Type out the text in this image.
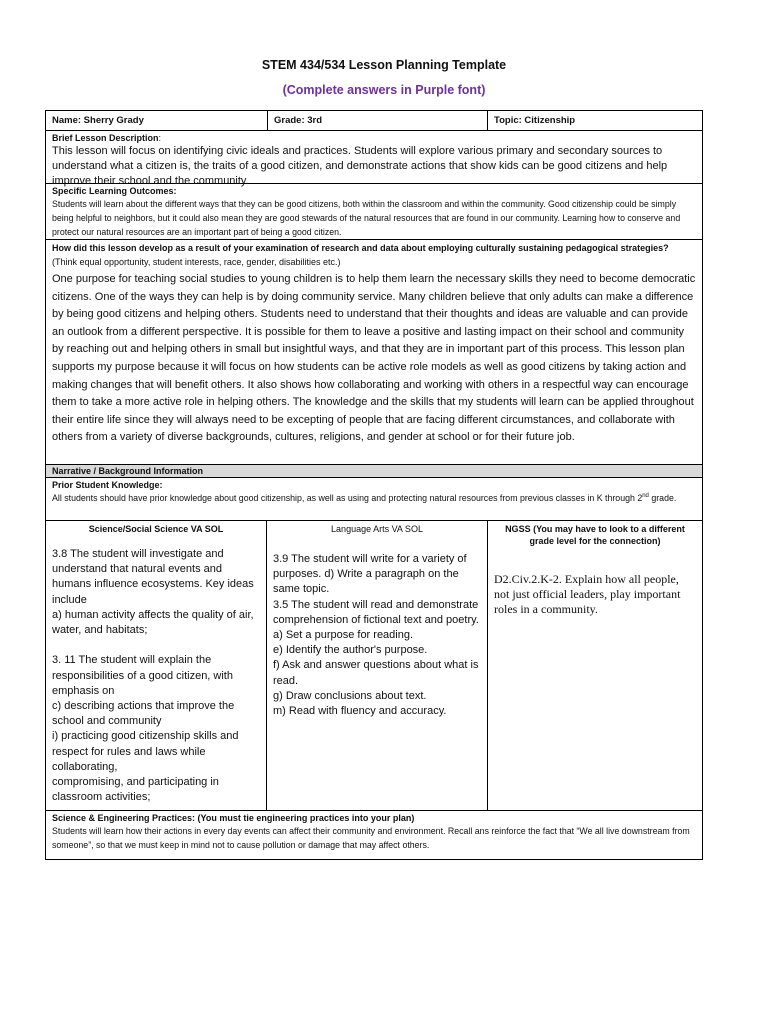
STEM 434/534 Lesson Planning Template
(Complete answers in Purple font)
Name: Sherry Grady	Grade: 3rd	Topic: Citizenship
Brief Lesson Description:
This lesson will focus on identifying civic ideals and practices. Students will explore various primary and secondary sources to understand what a citizen is, the traits of a good citizen, and demonstrate actions that show kids can be good citizens and help improve their school and the community.
Specific Learning Outcomes:
Students will learn about the different ways that they can be good citizens, both within the classroom and within the community. Good citizenship could be simply being helpful to neighbors, but it could also mean they are good stewards of the natural resources that are found in our community. Learning how to conserve and protect our natural resources are an important part of being a good citizen.
How did this lesson develop as a result of your examination of research and data about employing culturally sustaining pedagogical strategies? (Think equal opportunity, student interests, race, gender, disabilities etc.)
One purpose for teaching social studies to young children is to help them learn the necessary skills they need to become democratic citizens. One of the ways they can help is by doing community service. Many children believe that only adults can make a difference by being good citizens and helping others. Students need to understand that their thoughts and ideas are valuable and can provide an outlook from a different perspective. It is possible for them to leave a positive and lasting impact on their school and community by reaching out and helping others in small but insightful ways, and that they are in important part of this process. This lesson plan supports my purpose because it will focus on how students can be active role models as well as good citizens by taking action and making changes that will benefit others. It also shows how collaborating and working with others in a respectful way can encourage them to take a more active role in helping others. The knowledge and the skills that my students will learn can be applied throughout their entire life since they will always need to be excepting of people that are facing different circumstances, and collaborate with others from a variety of diverse backgrounds, cultures, religions, and gender at school or for their future job.
Narrative / Background Information
Prior Student Knowledge:
All students should have prior knowledge about good citizenship, as well as using and protecting natural resources from previous classes in K through 2nd grade.
Science/Social Science VA SOL

3.8 The student will investigate and understand that natural events and humans influence ecosystems. Key ideas include
a) human activity affects the quality of air, water, and habitats;

3. 11 The student will explain the responsibilities of a good citizen, with emphasis on
c) describing actions that improve the school and community
i) practicing good citizenship skills and respect for rules and laws while collaborating,
compromising, and participating in classroom activities;

Language Arts VA SOL

3.9 The student will write for a variety of purposes. d) Write a paragraph on the same topic.
3.5 The student will read and demonstrate comprehension of fictional text and poetry.
a) Set a purpose for reading.
e) Identify the author's purpose.
f) Ask and answer questions about what is read.
g) Draw conclusions about text.
m) Read with fluency and accuracy.

NGSS (You may have to look to a different grade level for the connection)
D2.Civ.2.K-2. Explain how all people, not just official leaders, play important roles in a community.
Science & Engineering Practices: (You must tie engineering practices into your plan)
Students will learn how their actions in every day events can affect their community and environment. Recall ans reinforce the fact that “We all live downstream from someone”, so that we must keep in mind not to cause pollution or damage that may affect others.
